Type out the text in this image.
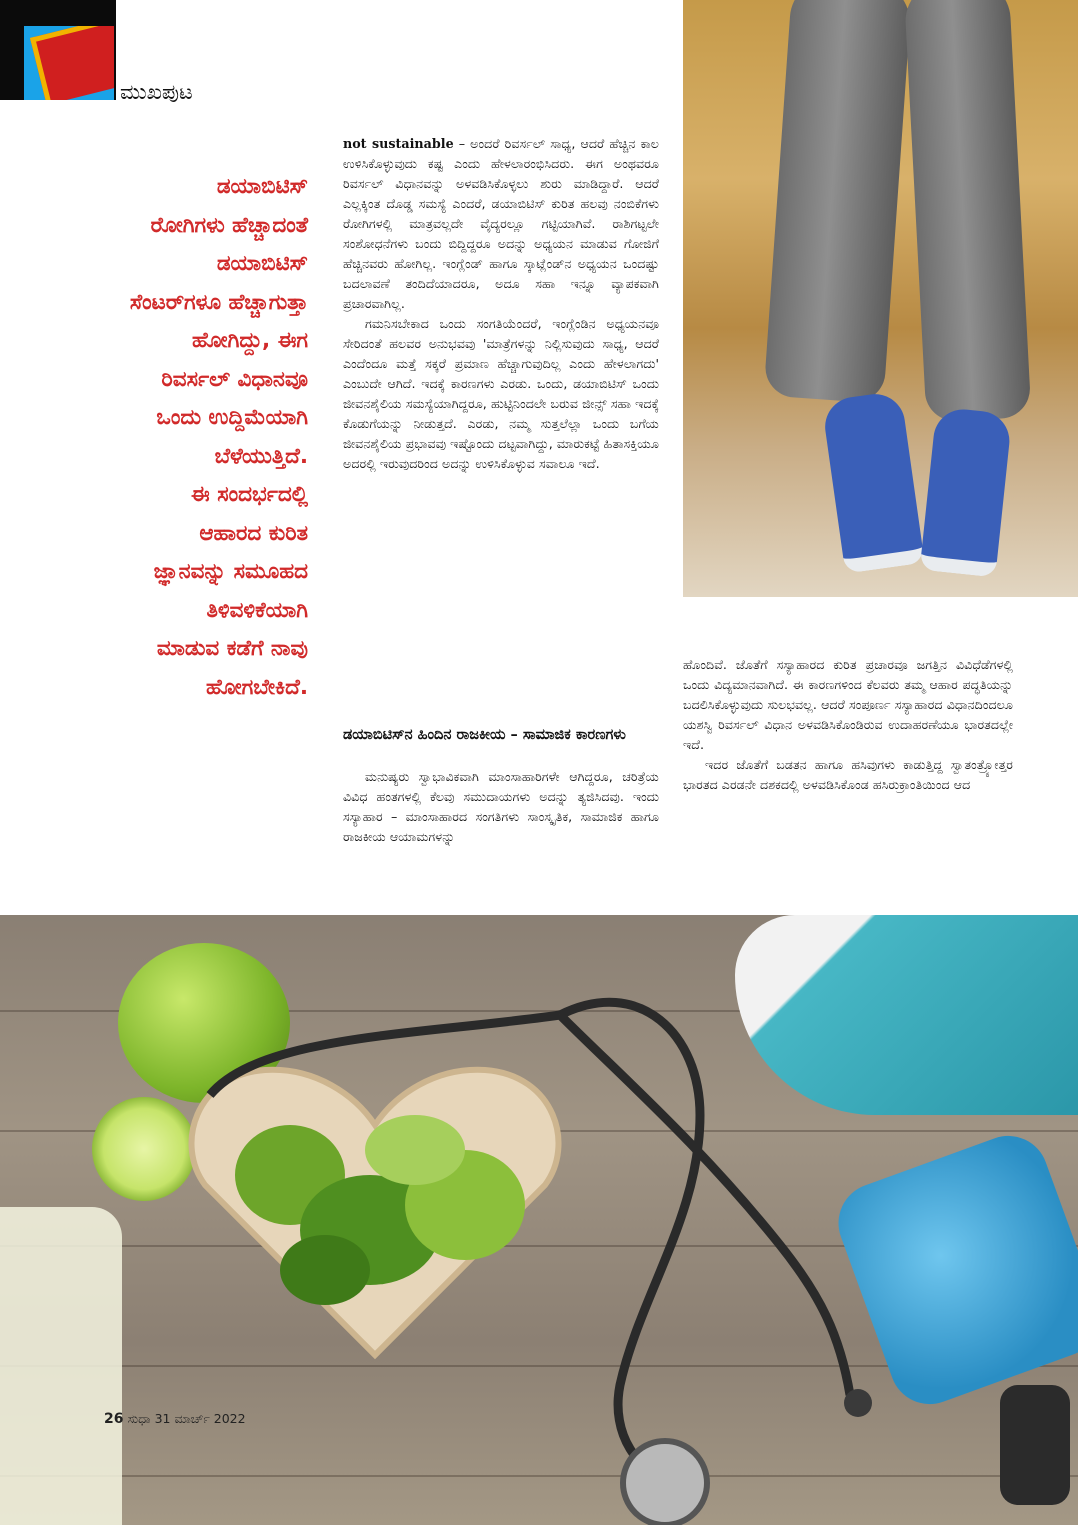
ಮುಖಪುಟ
ಡಯಾಬಿಟಿಸ್
ರೋಗಿಗಳು ಹೆಚ್ಚಾದಂತೆ
ಡಯಾಬಿಟಿಸ್
ಸೆಂಟರ್‌ಗಳೂ ಹೆಚ್ಚಾಗುತ್ತಾ
ಹೋಗಿದ್ದು, ಈಗ
ರಿವರ್ಸಲ್ ವಿಧಾನವೂ
ಒಂದು ಉದ್ದಿಮೆಯಾಗಿ
ಬೆಳೆಯುತ್ತಿದೆ.
ಈ ಸಂದರ್ಭದಲ್ಲಿ
ಆಹಾರದ ಕುರಿತ
ಜ್ಞಾನವನ್ನು ಸಮೂಹದ
ತಿಳಿವಳಿಕೆಯಾಗಿ
ಮಾಡುವ ಕಡೆಗೆ ನಾವು
ಹೋಗಬೇಕಿದೆ.

not sustainable – ಅಂದರೆ ರಿವರ್ಸಲ್ ಸಾಧ್ಯ, ಆದರೆ ಹೆಚ್ಚಿನ ಕಾಲ ಉಳಿಸಿಕೊಳ್ಳುವುದು ಕಷ್ಟ ಎಂದು ಹೇಳಲಾರಂಭಿಸಿದರು. ಈಗ ಅಂಥವರೂ ರಿವರ್ಸಲ್ ವಿಧಾನವನ್ನು ಅಳವಡಿಸಿಕೊಳ್ಳಲು ಶುರು ಮಾಡಿದ್ದಾರೆ. ಆದರೆ ಎಲ್ಲಕ್ಕಿಂತ ದೊಡ್ಡ ಸಮಸ್ಯೆ ಎಂದರೆ, ಡಯಾಬಿಟಿಸ್ ಕುರಿತ ಹಲವು ನಂಬಿಕೆಗಳು ರೋಗಿಗಳಲ್ಲಿ ಮಾತ್ರವಲ್ಲದೇ ವೈದ್ಯರಲ್ಲೂ ಗಟ್ಟಿಯಾಗಿವೆ. ರಾಶಿಗಟ್ಟಲೇ ಸಂಶೋಧನೆಗಳು ಬಂದು ಬಿದ್ದಿದ್ದರೂ ಅದನ್ನು ಅಧ್ಯಯನ ಮಾಡುವ ಗೋಜಿಗೆ ಹೆಚ್ಚಿನವರು ಹೋಗಿಲ್ಲ. ಇಂಗ್ಲೆಂಡ್ ಹಾಗೂ ಸ್ಕಾಟ್ಲೆಂಡ್‌ನ ಅಧ್ಯಯನ ಒಂದಷ್ಟು ಬದಲಾವಣೆ ತಂದಿದೆಯಾದರೂ, ಅದೂ ಸಹಾ ಇನ್ನೂ ವ್ಯಾಪಕವಾಗಿ ಪ್ರಚಾರವಾಗಿಲ್ಲ.

ಗಮನಿಸಬೇಕಾದ ಒಂದು ಸಂಗತಿಯೆಂದರೆ, ಇಂಗ್ಲೆಂಡಿನ ಅಧ್ಯಯನವೂ ಸೇರಿದಂತೆ ಹಲವರ ಅನುಭವವು 'ಮಾತ್ರೆಗಳನ್ನು ನಿಲ್ಲಿಸುವುದು ಸಾಧ್ಯ, ಆದರೆ ಎಂದೆಂದೂ ಮತ್ತೆ ಸಕ್ಕರೆ ಪ್ರಮಾಣ ಹೆಚ್ಚಾಗುವುದಿಲ್ಲ ಎಂದು ಹೇಳಲಾಗದು' ಎಂಬುದೇ ಆಗಿದೆ. ಇದಕ್ಕೆ ಕಾರಣಗಳು ಎರಡು. ಒಂದು, ಡಯಾಬಿಟಿಸ್ ಒಂದು ಜೀವನಶೈಲಿಯ ಸಮಸ್ಯೆಯಾಗಿದ್ದರೂ, ಹುಟ್ಟಿನಿಂದಲೇ ಬರುವ ಜೀನ್ಸ್ ಸಹಾ ಇದಕ್ಕೆ ಕೊಡುಗೆಯನ್ನು ನೀಡುತ್ತದೆ. ಎರಡು, ನಮ್ಮ ಸುತ್ತಲೆಲ್ಲಾ ಒಂದು ಬಗೆಯ ಜೀವನಶೈಲಿಯ ಪ್ರಭಾವವು ಇಷ್ಟೊಂದು ದಟ್ಟವಾಗಿದ್ದು, ಮಾರುಕಟ್ಟೆ ಹಿತಾಸಕ್ತಿಯೂ ಅದರಲ್ಲಿ ಇರುವುದರಿಂದ ಅದನ್ನು ಉಳಿಸಿಕೊಳ್ಳುವ ಸವಾಲೂ ಇದೆ.

ಡಯಾಬಿಟಿಸ್‌ನ ಹಿಂದಿನ ರಾಜಕೀಯ – ಸಾಮಾಜಿಕ ಕಾರಣಗಳು

ಮನುಷ್ಯರು ಸ್ವಾಭಾವಿಕವಾಗಿ ಮಾಂಸಾಹಾರಿಗಳೇ ಆಗಿದ್ದರೂ, ಚರಿತ್ರೆಯ ವಿವಿಧ ಹಂತಗಳಲ್ಲಿ ಕೆಲವು ಸಮುದಾಯಗಳು ಅದನ್ನು ತ್ಯಜಿಸಿದವು. ಇಂದು ಸಸ್ಯಾಹಾರ – ಮಾಂಸಾಹಾರದ ಸಂಗತಿಗಳು ಸಾಂಸ್ಕೃತಿಕ, ಸಾಮಾಜಿಕ ಹಾಗೂ ರಾಜಕೀಯ ಆಯಾಮಗಳನ್ನು

ಹೊಂದಿವೆ. ಜೊತೆಗೆ ಸಸ್ಯಾಹಾರದ ಕುರಿತ ಪ್ರಚಾರವೂ ಜಗತ್ತಿನ ವಿವಿಧೆಡೆಗಳಲ್ಲಿ ಒಂದು ವಿದ್ಯಮಾನವಾಗಿದೆ. ಈ ಕಾರಣಗಳಿಂದ ಕೆಲವರು ತಮ್ಮ ಆಹಾರ ಪದ್ಧತಿಯನ್ನು ಬದಲಿಸಿಕೊಳ್ಳುವುದು ಸುಲಭವಲ್ಲ. ಆದರೆ ಸಂಪೂರ್ಣ ಸಸ್ಯಾಹಾರದ ವಿಧಾನದಿಂದಲೂ ಯಶಸ್ವಿ ರಿವರ್ಸಲ್ ವಿಧಾನ ಅಳವಡಿಸಿಕೊಂಡಿರುವ ಉದಾಹರಣೆಯೂ ಭಾರತದಲ್ಲೇ ಇದೆ.

ಇದರ ಜೊತೆಗೆ ಬಡತನ ಹಾಗೂ ಹಸಿವುಗಳು ಕಾಡುತ್ತಿದ್ದ ಸ್ವಾತಂತ್ರ್ಯೋತ್ತರ ಭಾರತದ ಎರಡನೇ ದಶಕದಲ್ಲಿ ಅಳವಡಿಸಿಕೊಂಡ ಹಸಿರುಕ್ರಾಂತಿಯಿಂದ ಆದ

26 ಸುಧಾ 31 ಮಾರ್ಚ್ 2022
